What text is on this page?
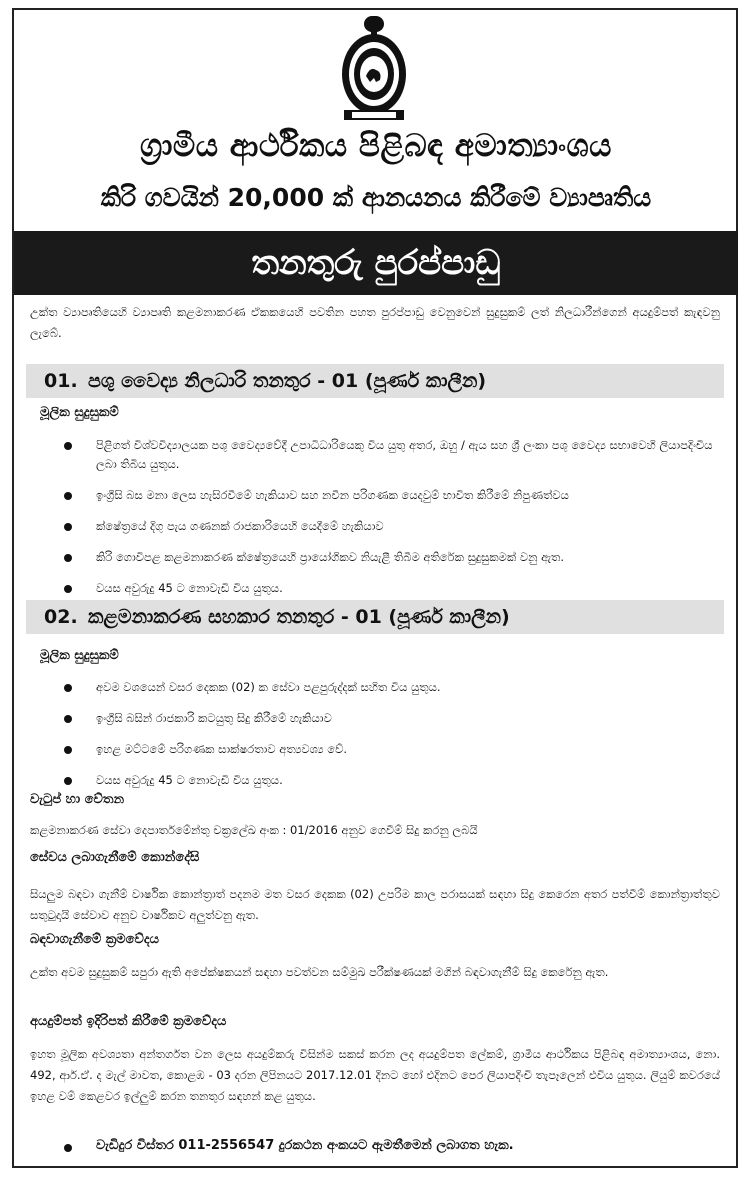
ග්‍රාමීය ආර්ථිකය පිළිබඳ අමාත්‍යාංශය
කිරි ගවයින් 20,000 ක් ආනයනය කිරීමේ ව්‍යාපෘතිය
තනතුරු පුරප්පාඩු

උක්ත ව්‍යාපෘතියෙහි ව්‍යාපෘති කළමනාකරණ ඒකකයෙහි පවතින පහත පුරප්පාඩු වෙනුවෙන් සුදුසුකම් ලත් නිලධාරීන්ගෙන් අයදුම්පත් කැඳවනු ලැබේ.

01. පශු වෛද්‍ය නිලධාරි තනතුර - 01 (පූර්ණ කාලීන)
මූලික සුදුසුකම්
පිළිගත් විශ්වවිද්‍යාලයක පශු වෛද්‍යවේදී උපාධිධාරියෙකු විය යුතු අතර, ඔහු / ඇය සහ ශ්‍රී ලංකා පශු වෛද්‍ය සභාවෙහි ලියාපදිංචිය ලබා තිබිය යුතුය.
ඉංග්‍රීසි බස මනා ලෙස හැසිරවීමේ හැකියාව සහ නවීන පරිගණක යෙදවුම් භාවිත කිරීමේ නිපුණත්වය
ක්ෂේත්‍රයේ දිගු පැය ගණනක් රාජකාරියෙහි යෙදීමේ හැකියාව
කිරි ගොවිපළ කළමනාකරණ ක්ෂේත්‍රයෙහි ප්‍රායෝගිකව නියැළී තිබීම අතිරේක සුදුසුකමක් වනු ඇත.
වයස අවුරුදු 45 ට නොවැඩි විය යුතුය.
02. කළමනාකරණ සහකාර තනතුර - 01 (පූර්ණ කාලීන)
මූලික සුදුසුකම්
අවම වශයෙන් වසර දෙකක (02) ක සේවා පළපුරුද්දක් සහිත විය යුතුය.
ඉංග්‍රීසි බසින් රාජකාරි කටයුතු සිදු කිරීමේ හැකියාව
ඉහළ මට්ටමේ පරිගණක සාක්ෂරතාව අත්‍යවශ්‍ය වේ.
වයස අවුරුදු 45 ට නොවැඩි විය යුතුය.
වැටුප් හා වේතන

කළමනාකරණ සේවා දෙපාර්තමේන්තු චක්‍රලේඛ අංක : 01/2016 අනුව ගෙවීම් සිදු කරනු ලබයි

සේවය ලබාගැනීමේ කොන්දේසි

සියලුම බඳවා ගැනීම් වාර්ෂික කොන්ත්‍රාත් පදනම මත වසර දෙකක (02) උපරිම කාල පරාසයක් සඳහා සිදු කෙරෙන අතර පත්වීම් කොන්ත්‍රාත්තුව සතුටුදායි සේවාව අනුව වාර්ෂිකව අලුත්වනු ඇත.

බඳවාගැනීමේ ක්‍රමවේදය

උක්ත අවම සුදුසුකම් සපුරා ඇති අපේක්ෂකයන් සඳහා පවත්වන සම්මුඛ පරීක්ෂණයක් මගින් බඳවාගැනීම් සිදු කෙරේනු ඇත.

අයදුම්පත් ඉදිරිපත් කිරීමේ ක්‍රමවේදය

ඉහත මූලික අවශ්‍යතා අන්තර්ගත වන ලෙස අයදුම්කරු විසින්ම සකස් කරන ලද අයදුම්පත ලේකම්, ග්‍රාමීය ආර්ථිකය පිළිබඳ අමාත්‍යාංශය, නො. 492, ආර්.ඒ. ද මැල් මාවත, කොළඹ - 03 දරන ලිපිනයට 2017.12.01 දිනට හෝ එදිනට පෙර ලියාපදිංචි තැපෑලෙන් එවිය යුතුය. ලියුම් කවරයේ ඉහළ වම් කෙළවර ඉල්ලුම් කරන තනතුර සඳහන් කළ යුතුය.

වැඩිදුර විස්තර 011-2556547 දුරකථන අංකයට ඇමතීමෙන් ලබාගත හැක.
